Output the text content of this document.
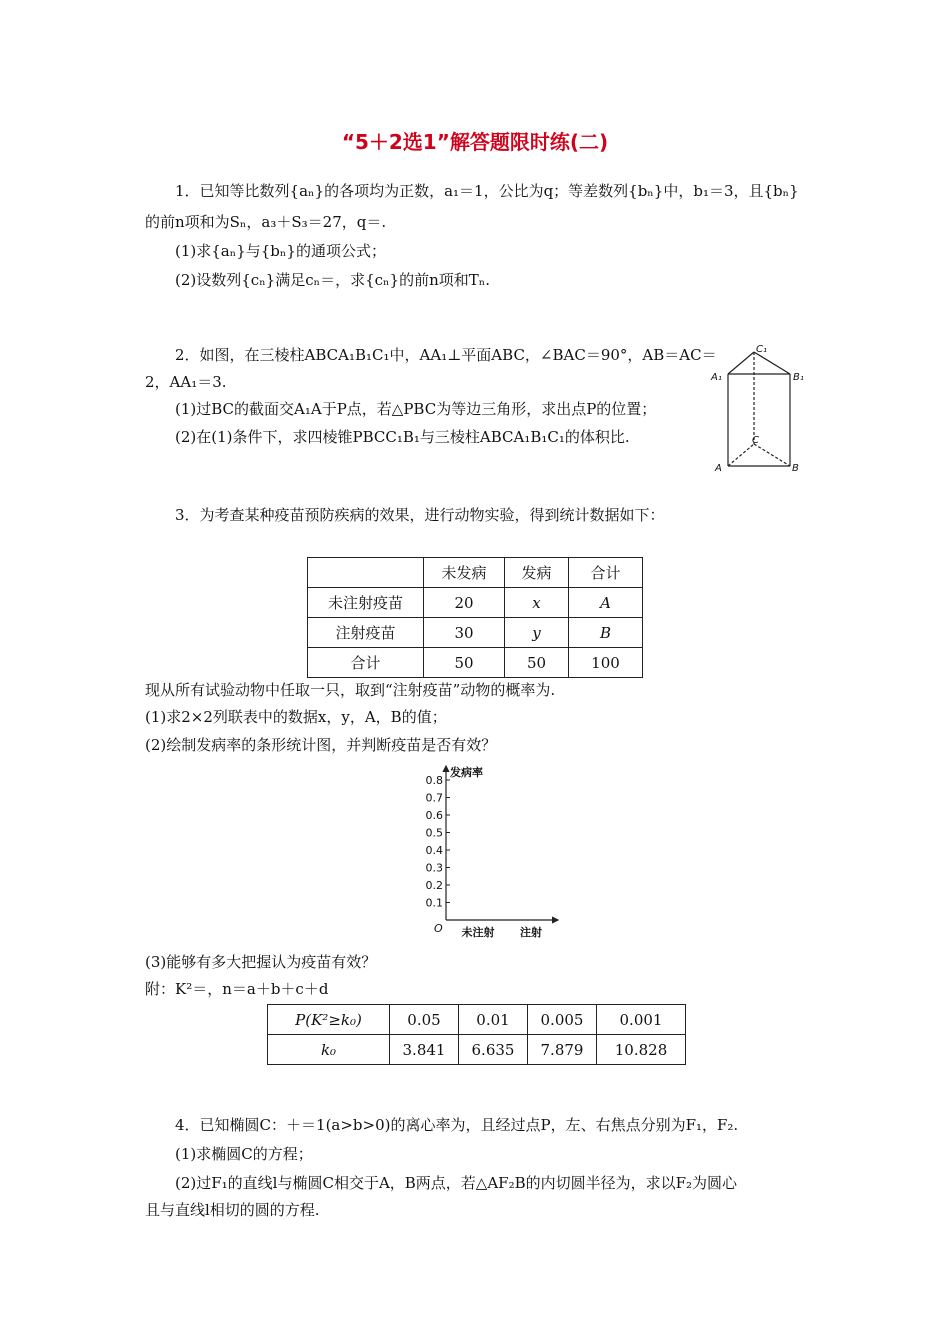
“5＋2选1”解答题限时练(二)
1．已知等比数列{aₙ}的各项均为正数，a₁＝1，公比为q；等差数列{bₙ}中，b₁＝3，且{bₙ}
的前n项和为Sₙ，a₃＋S₃＝27，q＝.
(1)求{aₙ}与{bₙ}的通项公式；
(2)设数列{cₙ}满足cₙ＝，求{cₙ}的前n项和Tₙ.
2．如图，在三棱柱ABCA₁B₁C₁中，AA₁⊥平面ABC，∠BAC＝90°，AB＝AC＝
2，AA₁＝3.
(1)过BC的截面交A₁A于P点，若△PBC为等边三角形，求出点P的位置；
(2)在(1)条件下，求四棱锥PBCC₁B₁与三棱柱ABCA₁B₁C₁的体积比.
C₁
A₁	B₁
C
A	B
3．为考查某种疫苗预防疾病的效果，进行动物实验，得到统计数据如下：
	未发病	发病	合计
未注射疫苗	20	x	A
注射疫苗	30	y	B
合计	50	50	100
现从所有试验动物中任取一只，取到“注射疫苗”动物的概率为.
(1)求2×2列联表中的数据x，y，A，B的值；
(2)绘制发病率的条形统计图，并判断疫苗是否有效？
发病率
O
0.1
0.2
0.3
0.4
0.5
0.6
0.7
0.8
未注射 注射
(3)能够有多大把握认为疫苗有效？
附：K²＝，n＝a＋b＋c＋d
P(K²≥k₀)	0.05	0.01	0.005	0.001
k₀	3.841	6.635	7.879	10.828
4．已知椭圆C：＋＝1(a>b>0)的离心率为，且经过点P，左、右焦点分别为F₁，F₂.
(1)求椭圆C的方程；
(2)过F₁的直线l与椭圆C相交于A，B两点，若△AF₂B的内切圆半径为，求以F₂为圆心
且与直线l相切的圆的方程.
